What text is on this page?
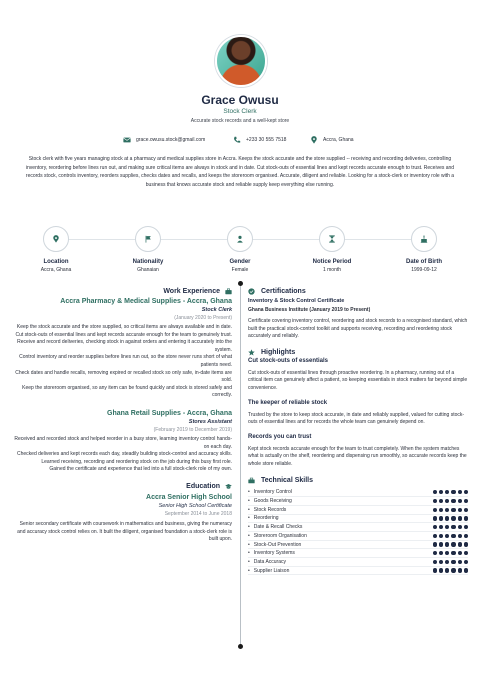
Grace Owusu
Stock Clerk
Accurate stock records and a well-kept store
grace.owusu.stock@gmail.com	+233 30 555 7518	Accra, Ghana
Stock clerk with five years managing stock at a pharmacy and medical supplies store in Accra. Keeps the stock accurate and the store supplied -- receiving and recording deliveries, controlling inventory, reordering before lines run out, and making sure critical items are always in stock and in date. Cut stock-outs of essential lines and kept records accurate enough to trust. Receives and records stock, controls inventory, reorders supplies, checks dates and recalls, and keeps the storeroom organised. Accurate, diligent and reliable. Looking for a stock-clerk or inventory role with a business that knows accurate stock and reliable supply keep everything else running.
Location
Accra, Ghana
Nationality
Ghanaian
Gender
Female
Notice Period
1 month
Date of Birth
1999-09-12
Work Experience
Accra Pharmacy & Medical Supplies - Accra, Ghana
Stock Clerk
(January 2020 to Present)
Keep the stock accurate and the store supplied, so critical items are always available and in date.
Cut stock-outs of essential lines and kept records accurate enough for the team to genuinely trust.
Receive and record deliveries, checking stock in against orders and entering it accurately into the system.
Control inventory and reorder supplies before lines run out, so the store never runs short of what patients need.
Check dates and handle recalls, removing expired or recalled stock so only safe, in-date items are sold.
Keep the storeroom organised, so any item can be found quickly and stock is stored safely and correctly.
Ghana Retail Supplies - Accra, Ghana
Stores Assistant
(February 2019 to December 2019)
Received and recorded stock and helped reorder in a busy store, learning inventory control hands-on each day.
Checked deliveries and kept records each day, steadily building stock-control and accuracy skills.
Learned receiving, recording and reordering stock on the job during this busy first role.
Gained the certificate and experience that led into a full stock-clerk role of my own.
Education
Accra Senior High School
Senior High School Certificate
September 2014 to June 2018
Senior secondary certificate with coursework in mathematics and business, giving the numeracy and accuracy stock control relies on. It built the diligent, organised foundation a stock-clerk role is built upon.
Certifications
Inventory & Stock Control Certificate
Ghana Business Institute (January 2019 to Present)
Certificate covering inventory control, reordering and stock records to a recognised standard, which built the practical stock-control toolkit and supports receiving, recording and reordering stock accurately and reliably.
Highlights
Cut stock-outs of essentials
Cut stock-outs of essential lines through proactive reordering. In a pharmacy, running out of a critical item can genuinely affect a patient, so keeping essentials in stock matters far beyond simple convenience.
The keeper of reliable stock
Trusted by the store to keep stock accurate, in date and reliably supplied, valued for cutting stock-outs of essential lines and for records the whole team can genuinely depend on.
Records you can trust
Kept stock records accurate enough for the team to trust completely. When the system matches what is actually on the shelf, reordering and dispensing run smoothly, so accurate records keep the whole store reliable.
Technical Skills
• Inventory Control
• Goods Receiving
• Stock Records
• Reordering
• Date & Recall Checks
• Storeroom Organisation
• Stock-Out Prevention
• Inventory Systems
• Data Accuracy
• Supplier Liaison
